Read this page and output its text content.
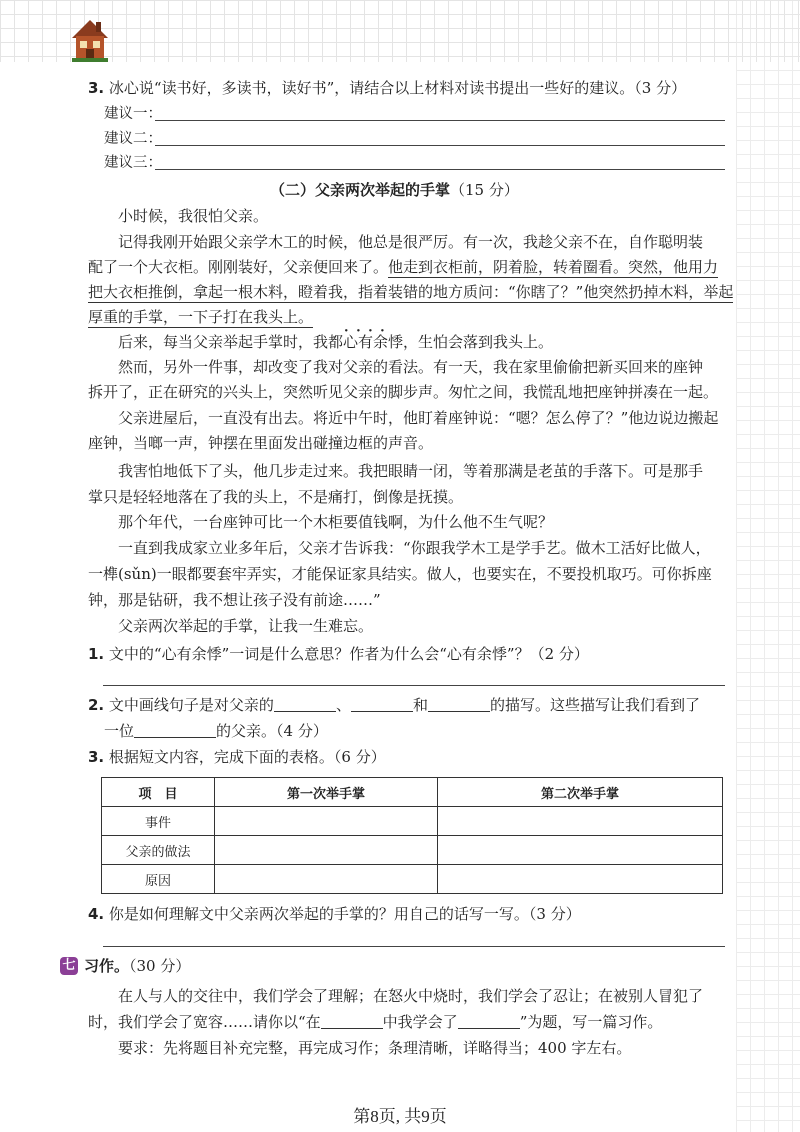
3. 冰心说“读书好，多读书，读好书”，请结合以上材料对读书提出一些好的建议。（3 分）
建议一：
建议二：
建议三：
（二）父亲两次举起的手掌（15 分）
小时候，我很怕父亲。
记得我刚开始跟父亲学木工的时候，他总是很严厉。有一次，我趁父亲不在，自作聪明装
配了一个大衣柜。刚刚装好，父亲便回来了。他走到衣柜前，阴着脸，转着圈看。突然，他用力
把大衣柜推倒，拿起一根木料，瞪着我，指着装错的地方质问：“你瞎了？”他突然扔掉木料，举起
厚重的手掌，一下子打在我头上。
后来，每当父亲举起手掌时，我都· · · · 心有余悸，生怕会落到我头上。
然而，另外一件事，却改变了我对父亲的看法。有一天，我在家里偷偷把新买回来的座钟
拆开了，正在研究的兴头上，突然听见父亲的脚步声。匆忙之间，我慌乱地把座钟拼凑在一起。
父亲进屋后，一直没有出去。将近中午时，他盯着座钟说：“嗯？怎么停了？”他边说边搬起
座钟，当啷一声，钟摆在里面发出碰撞边框的声音。
我害怕地低下了头，他几步走过来。我把眼睛一闭，等着那满是老茧的手落下。可是那手
掌只是轻轻地落在了我的头上，不是痛打，倒像是抚摸。
那个年代，一台座钟可比一个木柜要值钱啊，为什么他不生气呢？
一直到我成家立业多年后，父亲才告诉我：“你跟我学木工是学手艺。做木工活好比做人，
一榫(sǔn)一眼都要套牢弄实，才能保证家具结实。做人，也要实在，不要投机取巧。可你拆座
钟，那是钻研，我不想让孩子没有前途……”
父亲两次举起的手掌，让我一生难忘。
1. 文中的“心有余悸”一词是什么意思？作者为什么会“心有余悸”？（2 分）
2. 文中画线句子是对父亲的	、	和	的描写。这些描写让我们看到了
一位	的父亲。（4 分）
3. 根据短文内容，完成下面的表格。（6 分）
项　目	第一次举手掌	第二次举手掌
事件		
父亲的做法		
原因		
4. 你是如何理解文中父亲两次举起的手掌的？用自己的话写一写。（3 分）
七 习作。（30 分）
在人与人的交往中，我们学会了理解；在怒火中烧时，我们学会了忍让；在被别人冒犯了
时，我们学会了宽容……请你以“在	中我学会了	”为题，写一篇习作。
要求：先将题目补充完整，再完成习作；条理清晰，详略得当；400 字左右。
第8页, 共9页
